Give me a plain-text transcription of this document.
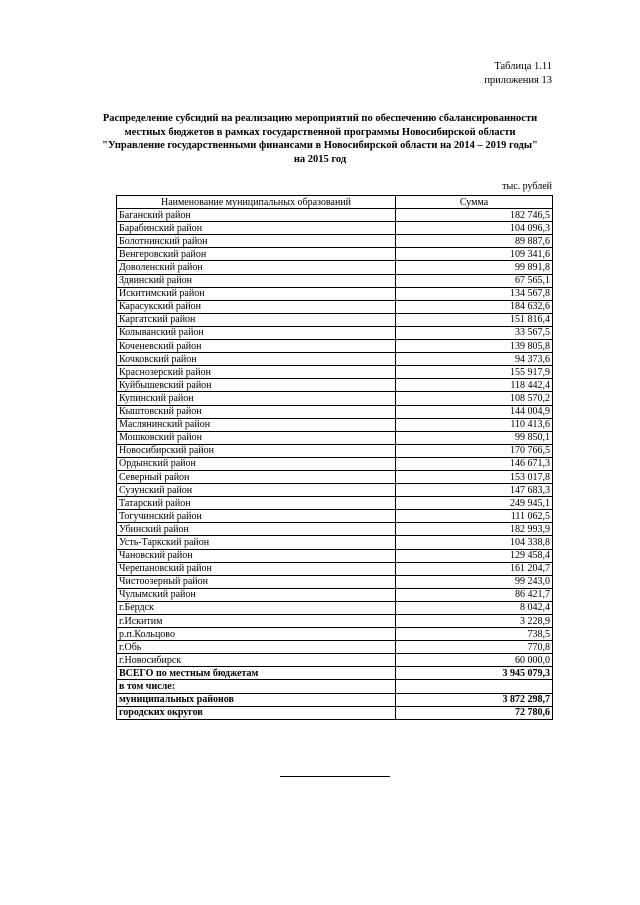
Таблица 1.11
приложения 13
Распределение субсидий на реализацию мероприятий по обеспечению сбалансированности
местных бюджетов в рамках государственной программы Новосибирской области
"Управление государственными финансами в Новосибирской области на 2014 – 2019 годы"
на 2015 год
тыс. рублей
Наименование муниципальных образований	Сумма
Баганский район	182 746,5
Барабинский район	104 096,3
Болотнинский район	89 887,6
Венгеровский район	109 341,6
Доволенский район	99 891,8
Здвинский район	67 565,1
Искитимский район	134 567,8
Карасукский район	184 632,6
Каргатский район	151 816,4
Колыванский район	33 567,5
Коченевский район	139 805,8
Кочковский район	94 373,6
Краснозерский район	155 917,9
Куйбышевский район	118 442,4
Купинский район	108 570,2
Кыштовский район	144 004,9
Маслянинский район	110 413,6
Мошковский район	99 850,1
Новосибирский район	170 766,5
Ордынский район	146 671,3
Северный район	153 017,8
Сузунский район	147 683,3
Татарский район	249 945,1
Тогучинский район	111 062,5
Убинский район	182 993,9
Усть-Таркский район	104 338,8
Чановский район	129 458,4
Черепановский район	161 204,7
Чистоозерный район	99 243,0
Чулымский район	86 421,7
г.Бердск	8 042,4
г.Искитим	3 228,9
р.п.Кольцово	738,5
г.Обь	770,8
г.Новосибирск	60 000,0
ВСЕГО по местным бюджетам	3 945 079,3
в том числе:	
муниципальных районов	3 872 298,7
городских округов	72 780,6
